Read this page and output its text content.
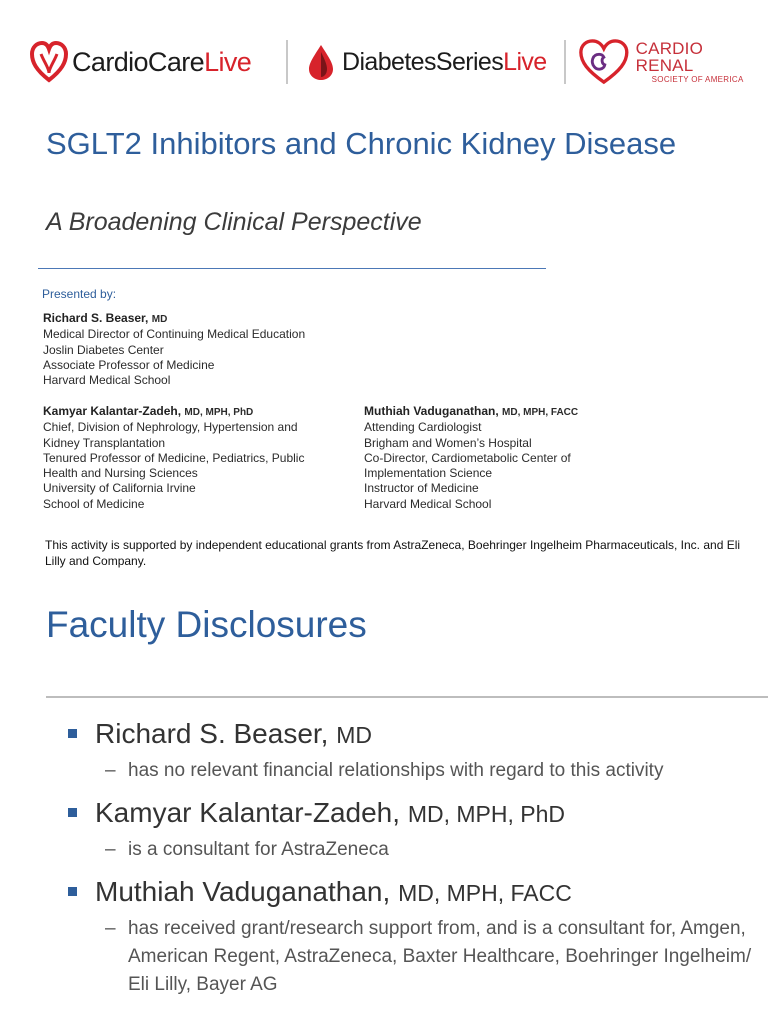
CardioCareLive	DiabetesSeriesLive	CARDIO RENAL
SOCIETY OF AMERICA
SGLT2 Inhibitors and Chronic Kidney Disease
A Broadening Clinical Perspective
Presented by:
Richard S. Beaser, MD
Medical Director of Continuing Medical Education
Joslin Diabetes Center
Associate Professor of Medicine
Harvard Medical School
Kamyar Kalantar-Zadeh, MD, MPH, PhD
Chief, Division of Nephrology, Hypertension and
Kidney Transplantation
Tenured Professor of Medicine, Pediatrics, Public
Health and Nursing Sciences
University of California Irvine
School of Medicine
Muthiah Vaduganathan, MD, MPH, FACC
Attending Cardiologist
Brigham and Women’s Hospital
Co-Director, Cardiometabolic Center of
Implementation Science
Instructor of Medicine
Harvard Medical School
This activity is supported by independent educational grants from AstraZeneca, Boehringer Ingelheim Pharmaceuticals, Inc. and Eli Lilly and Company.
Faculty Disclosures
Richard S. Beaser, MD
– has no relevant financial relationships with regard to this activity
Kamyar Kalantar-Zadeh, MD, MPH, PhD
– is a consultant for AstraZeneca
Muthiah Vaduganathan, MD, MPH, FACC
– has received grant/research support from, and is a consultant for, Amgen, American Regent, AstraZeneca, Baxter Healthcare, Boehringer Ingelheim/ Eli Lilly, Bayer AG
